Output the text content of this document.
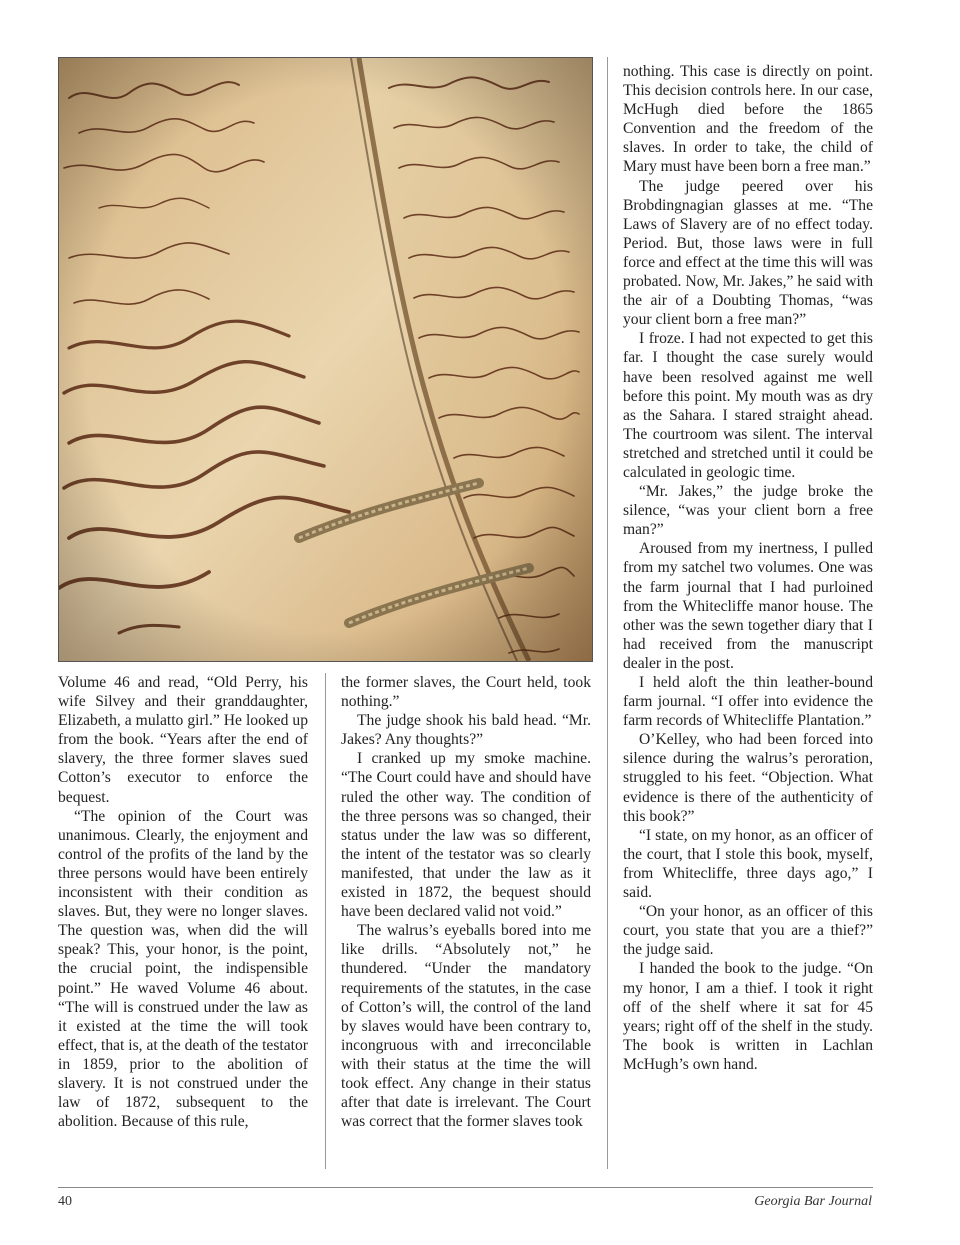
Volume 46 and read, “Old Perry, his wife Silvey and their granddaughter, Elizabeth, a mulatto girl.” He looked up from the book. “Years after the end of slavery, the three former slaves sued Cotton’s executor to enforce the bequest.

“The opinion of the Court was unanimous. Clearly, the enjoyment and control of the profits of the land by the three persons would have been entirely inconsistent with their condition as slaves. But, they were no longer slaves. The question was, when did the will speak? This, your honor, is the point, the crucial point, the indispensible point.” He waved Volume 46 about. “The will is construed under the law as it existed at the time the will took effect, that is, at the death of the testator in 1859, prior to the abolition of slavery. It is not construed under the law of 1872, subsequent to the abolition. Because of this rule,

the former slaves, the Court held, took nothing.”

The judge shook his bald head. “Mr. Jakes? Any thoughts?”

I cranked up my smoke machine. “The Court could have and should have ruled the other way. The condition of the three persons was so changed, their status under the law was so different, the intent of the testator was so clearly manifested, that under the law as it existed in 1872, the bequest should have been declared valid not void.”

The walrus’s eyeballs bored into me like drills. “Absolutely not,” he thundered. “Under the mandatory requirements of the statutes, in the case of Cotton’s will, the control of the land by slaves would have been contrary to, incongruous with and irreconcilable with their status at the time the will took effect. Any change in their status after that date is irrelevant. The Court was correct that the former slaves took

nothing. This case is directly on point. This decision controls here. In our case, McHugh died before the 1865 Convention and the freedom of the slaves. In order to take, the child of Mary must have been born a free man.”

The judge peered over his Brobdingnagian glasses at me. “The Laws of Slavery are of no effect today. Period. But, those laws were in full force and effect at the time this will was probated. Now, Mr. Jakes,” he said with the air of a Doubting Thomas, “was your client born a free man?”

I froze. I had not expected to get this far. I thought the case surely would have been resolved against me well before this point. My mouth was as dry as the Sahara. I stared straight ahead. The courtroom was silent. The interval stretched and stretched until it could be calculated in geologic time.

“Mr. Jakes,” the judge broke the silence, “was your client born a free man?”

Aroused from my inertness, I pulled from my satchel two volumes. One was the farm journal that I had purloined from the Whitecliffe manor house. The other was the sewn together diary that I had received from the manuscript dealer in the post.

I held aloft the thin leather-bound farm journal. “I offer into evidence the farm records of Whitecliffe Plantation.”

O’Kelley, who had been forced into silence during the walrus’s peroration, struggled to his feet. “Objection. What evidence is there of the authenticity of this book?”

“I state, on my honor, as an officer of the court, that I stole this book, myself, from Whitecliffe, three days ago,” I said.

“On your honor, as an officer of this court, you state that you are a thief?” the judge said.

I handed the book to the judge. “On my honor, I am a thief. I took it right off of the shelf where it sat for 45 years; right off of the shelf in the study. The book is written in Lachlan McHugh’s own hand.

40	Georgia Bar Journal
